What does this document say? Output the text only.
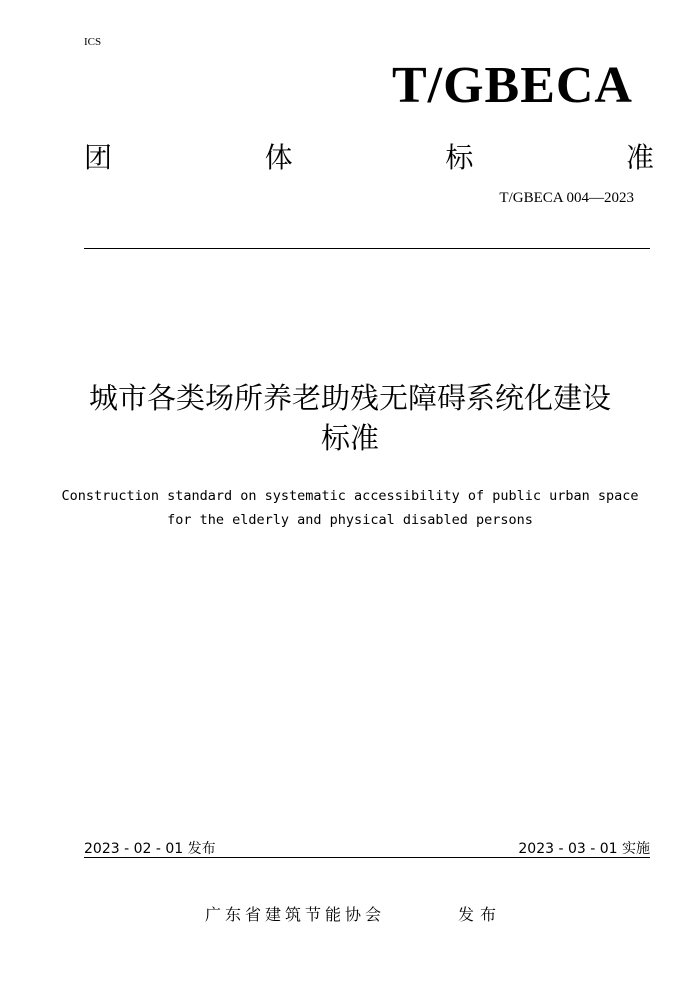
ICS
T/GBECA
团	体	标	准
T/GBECA 004—2023
城市各类场所养老助残无障碍系统化建设
标准
Construction standard on systematic accessibility of public urban space
for the elderly and physical disabled persons
2023 - 02 - 01 发布	2023 - 03 - 01 实施
广东省建筑节能协会	发布
